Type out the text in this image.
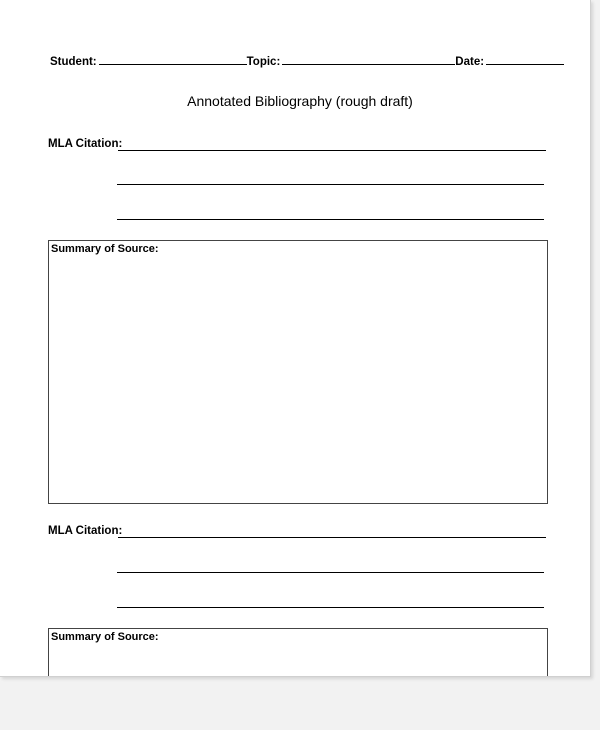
Student:	Topic:	Date:
Annotated Bibliography (rough draft)
MLA Citation:
Summary of Source:
MLA Citation:
Summary of Source:
